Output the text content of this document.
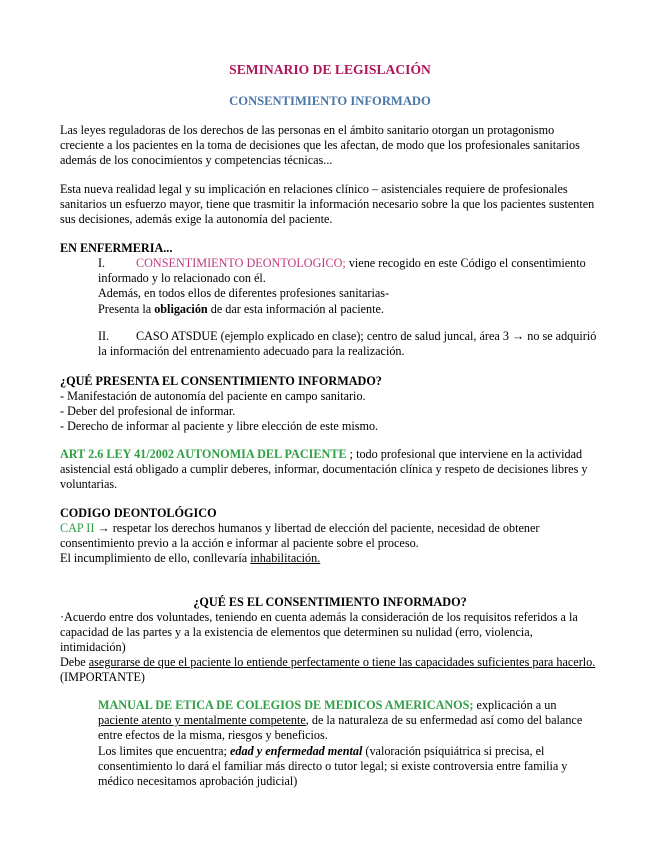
SEMINARIO DE LEGISLACIÓN
CONSENTIMIENTO INFORMADO
Las leyes reguladoras de los derechos de las personas en el ámbito sanitario otorgan un protagonismo creciente a los pacientes en la toma de decisiones que les afectan, de modo que los profesionales sanitarios además de los conocimientos y competencias técnicas...
Esta nueva realidad legal y su implicación en relaciones clínico – asistenciales requiere de profesionales sanitarios un esfuerzo mayor, tiene que trasmitir la información necesario sobre la que los pacientes sustenten sus decisiones, además exige la autonomía del paciente.
EN ENFERMERIA...
I.	CONSENTIMIENTO DEONTOLOGICO; viene recogido en este Código el consentimiento informado y lo relacionado con él.
Además, en todos ellos de diferentes profesiones sanitarias-
Presenta la obligación de dar esta información al paciente.
II. CASO ATSDUE (ejemplo explicado en clase); centro de salud juncal, área 3 → no se adquirió la información del entrenamiento adecuado para la realización.
¿QUÉ PRESENTA EL CONSENTIMIENTO INFORMADO?
- Manifestación de autonomía del paciente en campo sanitario.
- Deber del profesional de informar.
- Derecho de informar al paciente y libre elección de este mismo.
ART 2.6 LEY 41/2002 AUTONOMIA DEL PACIENTE ; todo profesional que interviene en la actividad asistencial está obligado a cumplir deberes, informar, documentación clínica y respeto de decisiones libres y voluntarias.
CODIGO DEONTOLÓGICO
CAP II → respetar los derechos humanos y libertad de elección del paciente, necesidad de obtener consentimiento previo a la acción e informar al paciente sobre el proceso.
El incumplimiento de ello, conllevaría inhabilitación.
¿QUÉ ES EL CONSENTIMIENTO INFORMADO?
·Acuerdo entre dos voluntades, teniendo en cuenta además la consideración de los requisitos referidos a la capacidad de las partes y a la existencia de elementos que determinen su nulidad (erro, violencia, intimidación)
Debe asegurarse de que el paciente lo entiende perfectamente o tiene las capacidades suficientes para hacerlo. (IMPORTANTE)
MANUAL DE ETICA DE COLEGIOS DE MEDICOS AMERICANOS; explicación a un paciente atento y mentalmente competente, de la naturaleza de su enfermedad así como del balance entre efectos de la misma, riesgos y beneficios.
Los limites que encuentra; edad y enfermedad mental (valoración psiquiátrica si precisa, el consentimiento lo dará el familiar más directo o tutor legal; si existe controversia entre familia y médico necesitamos aprobación judicial)
